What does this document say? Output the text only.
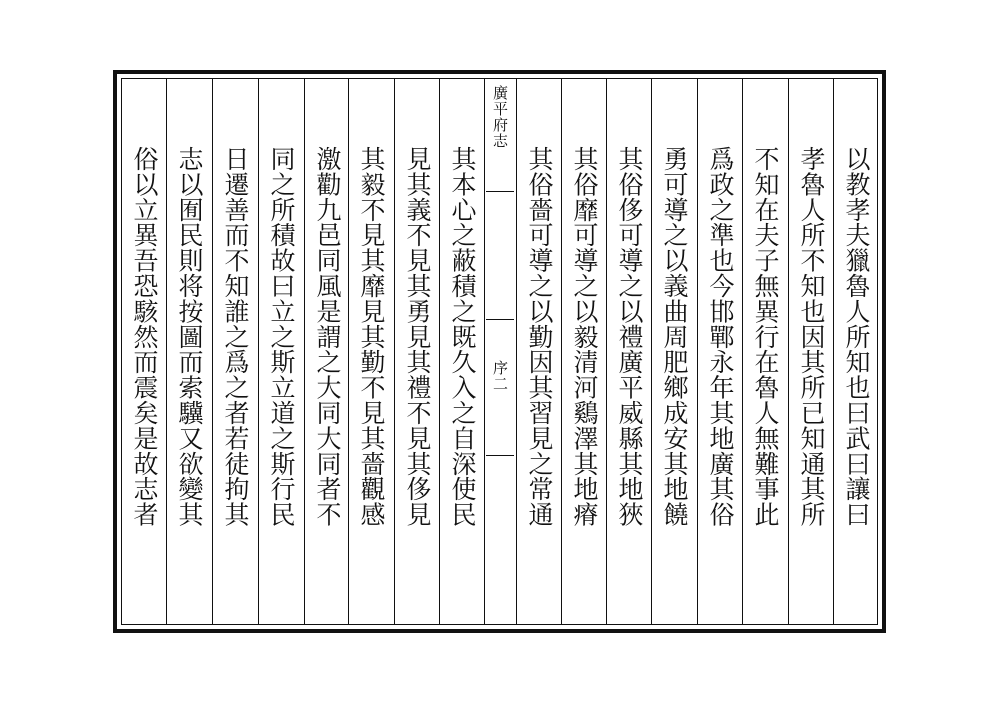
廣平府志
序二	以教孝夫獵魯人所知也曰武曰讓曰
孝魯人所不知也因其所已知通其所
不知在夫子無異行在魯人無難事此
爲政之準也今邯鄲永年其地廣其俗
勇可導之以義曲周肥鄉成安其地饒
其俗侈可導之以禮廣平威縣其地狹
其俗靡可導之以毅清河鷄澤其地瘠
其俗嗇可導之以勤因其習見之常通
其本心之蔽積之既久入之自深使民
見其義不見其勇見其禮不見其侈見
其毅不見其靡見其勤不見其嗇觀感
激勸九邑同風是謂之大同大同者不
同之所積故曰立之斯立道之斯行民
日遷善而不知誰之爲之者若徒拘其
志以囿民則将按圖而索驥又欲變其
俗以立異吾恐駭然而震矣是故志者
